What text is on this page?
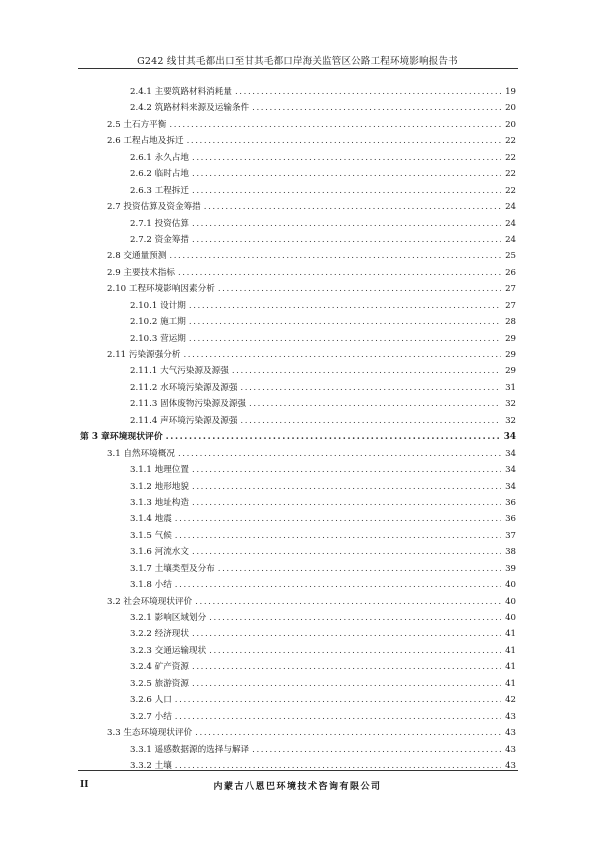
G242 线甘其毛都出口至甘其毛都口岸海关监管区公路工程环境影响报告书
2.4.1 主要筑路材料消耗量 .....	19
2.4.2 筑路材料来源及运输条件 .....	20
2.5 土石方平衡 .....	20
2.6 工程占地及拆迁 .....	22
2.6.1 永久占地 .....	22
2.6.2 临时占地 .....	22
2.6.3 工程拆迁 .....	22
2.7 投资估算及资金筹措 .....	24
2.7.1 投资估算 .....	24
2.7.2 资金筹措 .....	24
2.8 交通量预测 .....	25
2.9 主要技术指标 .....	26
2.10 工程环境影响因素分析 .....	27
2.10.1 设计期 .....	27
2.10.2 施工期 .....	28
2.10.3 营运期 .....	29
2.11 污染源强分析 .....	29
2.11.1 大气污染源及源强 .....	29
2.11.2 水环境污染源及源强 .....	31
2.11.3 固体废物污染源及源强 .....	32
2.11.4 声环境污染源及源强 .....	32
第 3 章环境现状评价 .....	34
3.1 自然环境概况 .....	34
3.1.1 地理位置 .....	34
3.1.2 地形地貌 .....	34
3.1.3 地址构造 .....	36
3.1.4 地震 .....	36
3.1.5 气候 .....	37
3.1.6 河流水文 .....	38
3.1.7 土壤类型及分布 .....	39
3.1.8 小结 .....	40
3.2 社会环境现状评价 .....	40
3.2.1 影响区域划分 .....	40
3.2.2 经济现状 .....	41
3.2.3 交通运输现状 .....	41
3.2.4 矿产资源 .....	41
3.2.5 旅游资源 .....	41
3.2.6 人口 .....	42
3.2.7 小结 .....	43
3.3 生态环境现状评价 .....	43
3.3.1 遥感数据源的选择与解译 .....	43
3.3.2 土壤 .....	43
II	内蒙古八恩巴环境技术咨询有限公司
